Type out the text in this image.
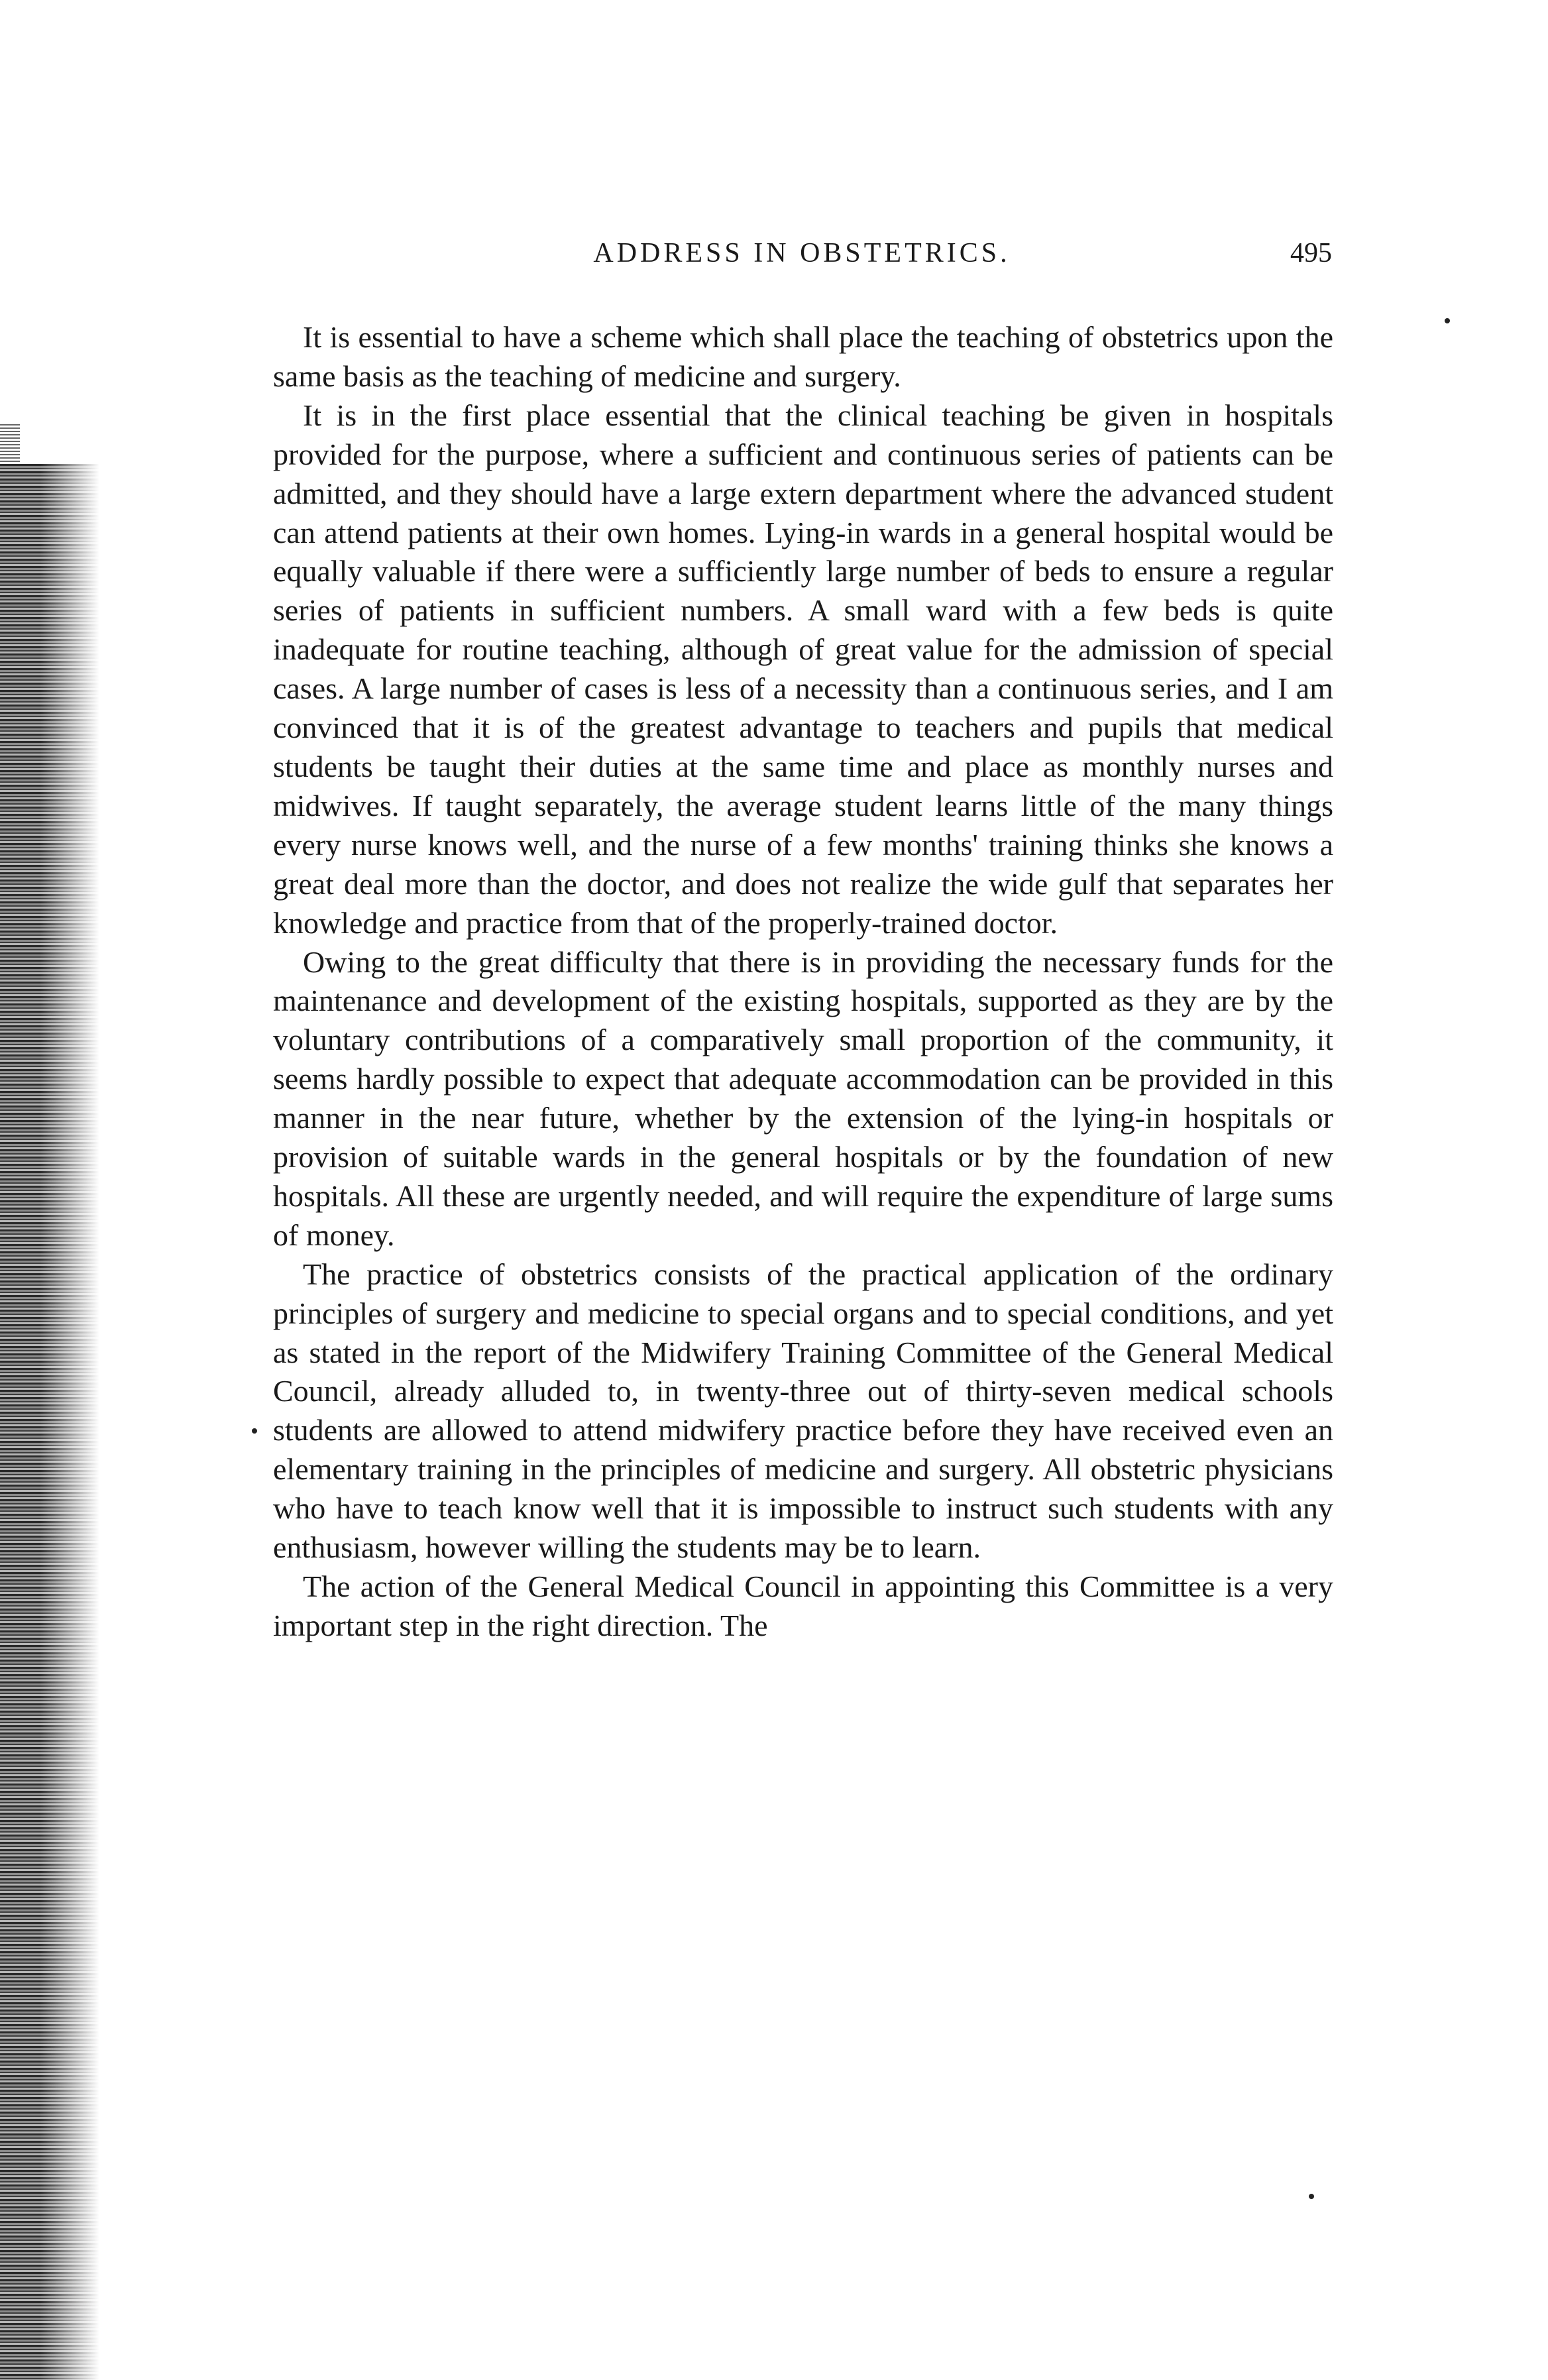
ADDRESS IN OBSTETRICS.	495

It is essential to have a scheme which shall place the teaching of obstetrics upon the same basis as the teaching of medicine and surgery.

It is in the first place essential that the clinical teaching be given in hospitals provided for the purpose, where a sufficient and continuous series of patients can be admitted, and they should have a large extern department where the advanced student can attend patients at their own homes. Lying-in wards in a general hospital would be equally valuable if there were a sufficiently large number of beds to ensure a regular series of patients in sufficient numbers. A small ward with a few beds is quite inadequate for routine teaching, although of great value for the admission of special cases. A large number of cases is less of a necessity than a continuous series, and I am convinced that it is of the greatest advantage to teachers and pupils that medical students be taught their duties at the same time and place as monthly nurses and midwives. If taught separately, the average student learns little of the many things every nurse knows well, and the nurse of a few months' training thinks she knows a great deal more than the doctor, and does not realize the wide gulf that separates her knowledge and practice from that of the properly-trained doctor.

Owing to the great difficulty that there is in providing the necessary funds for the maintenance and development of the existing hospitals, supported as they are by the voluntary contributions of a comparatively small proportion of the community, it seems hardly possible to expect that adequate accommodation can be provided in this manner in the near future, whether by the extension of the lying-in hospitals or provision of suitable wards in the general hospitals or by the foundation of new hospitals. All these are urgently needed, and will require the expenditure of large sums of money.

The practice of obstetrics consists of the practical application of the ordinary principles of surgery and medicine to special organs and to special conditions, and yet as stated in the report of the Midwifery Training Committee of the General Medical Council, already alluded to, in twenty-three out of thirty-seven medical schools students are allowed to attend midwifery practice before they have received even an elementary training in the principles of medicine and surgery. All obstetric physicians who have to teach know well that it is impossible to instruct such students with any enthusiasm, however willing the students may be to learn.

The action of the General Medical Council in appointing this Committee is a very important step in the right direction. The
